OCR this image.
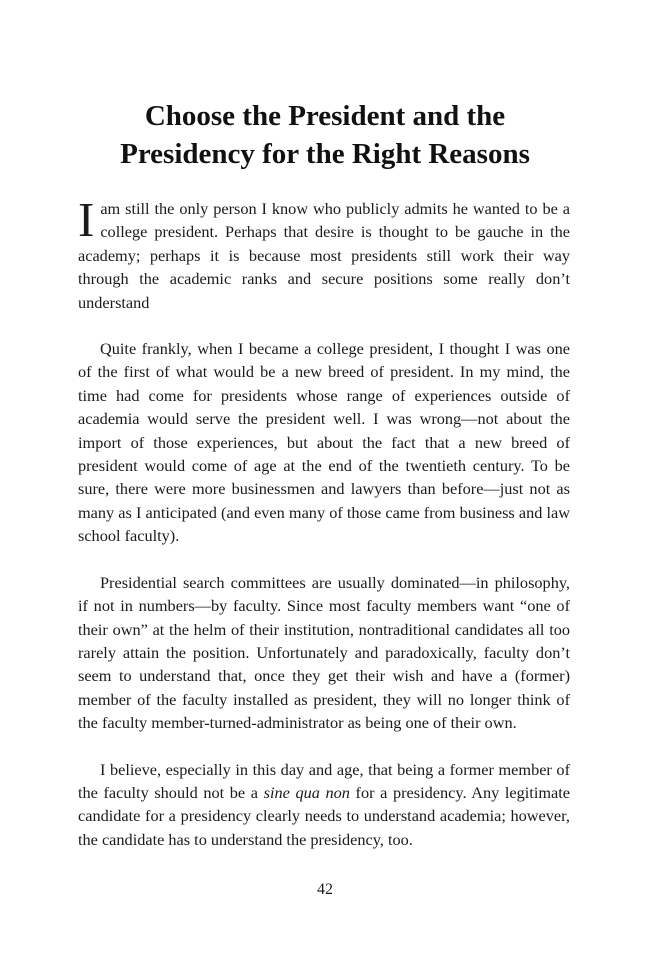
Choose the President and the
Presidency for the Right Reasons

Iam still the only person I know who publicly admits he wanted to be a college president. Perhaps that desire is thought to be gauche in the academy; perhaps it is because most presidents still work their way through the academic ranks and secure positions some really don’t understand

Quite frankly, when I became a college president, I thought I was one of the first of what would be a new breed of president. In my mind, the time had come for presidents whose range of experiences outside of academia would serve the president well. I was wrong—not about the import of those experiences, but about the fact that a new breed of president would come of age at the end of the twentieth century. To be sure, there were more businessmen and lawyers than before—just not as many as I anticipated (and even many of those came from business and law school faculty).

Presidential search committees are usually dominated—in philosophy, if not in numbers—by faculty. Since most faculty members want “one of their own” at the helm of their institution, nontraditional candidates all too rarely attain the position. Unfortunately and paradoxically, faculty don’t seem to understand that, once they get their wish and have a (former) member of the faculty installed as president, they will no longer think of the faculty member-turned-administrator as being one of their own.

I believe, especially in this day and age, that being a former member of the faculty should not be a sine qua non for a presidency. Any legitimate candidate for a presidency clearly needs to understand academia; however, the candidate has to understand the presidency, too.

42
